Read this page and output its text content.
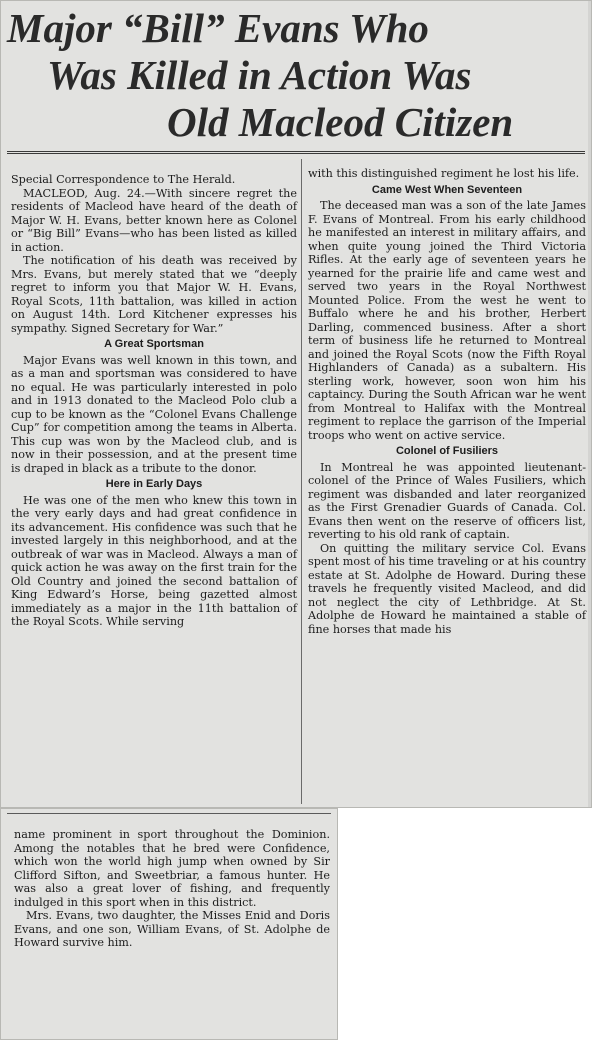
Major “Bill” Evans Who
Was Killed in Action Was
Old Macleod Citizen

Special Correspondence to The Herald.

MACLEOD, Aug. 24.—With sincere regret the residents of Macleod have heard of the death of Major W. H. Evans, better known here as Colonel or “Big Bill” Evans—who has been listed as killed in action.

The notification of his death was received by Mrs. Evans, but merely stated that we “deeply regret to inform you that Major W. H. Evans, Royal Scots, 11th battalion, was killed in action on August 14th. Lord Kitchener expresses his sympathy. Signed Secretary for War.”

A Great Sportsman

Major Evans was well known in this town, and as a man and sportsman was considered to have no equal. He was particularly interested in polo and in 1913 donated to the Macleod Polo club a cup to be known as the “Colonel Evans Challenge Cup” for competition among the teams in Alberta. This cup was won by the Macleod club, and is now in their possession, and at the present time is draped in black as a tribute to the donor.

Here in Early Days

He was one of the men who knew this town in the very early days and had great confidence in its advancement. His confidence was such that he invested largely in this neighborhood, and at the outbreak of war was in Macleod. Always a man of quick action he was away on the first train for the Old Country and joined the second battalion of King Edward’s Horse, being gazetted almost immediately as a major in the 11th battalion of the Royal Scots. While serving

with this distinguished regiment he lost his life.

Came West When Seventeen

The deceased man was a son of the late James F. Evans of Montreal. From his early childhood he manifested an interest in military affairs, and when quite young joined the Third Victoria Rifles. At the early age of seventeen years he yearned for the prairie life and came west and served two years in the Royal Northwest Mounted Police. From the west he went to Buffalo where he and his brother, Herbert Darling, commenced business. After a short term of business life he returned to Montreal and joined the Royal Scots (now the Fifth Royal Highlanders of Canada) as a subaltern. His sterling work, however, soon won him his captaincy. During the South African war he went from Montreal to Halifax with the Montreal regiment to replace the garrison of the Imperial troops who went on active service.

Colonel of Fusiliers

In Montreal he was appointed lieutenant-colonel of the Prince of Wales Fusiliers, which regiment was disbanded and later reorganized as the First Grenadier Guards of Canada. Col. Evans then went on the reserve of officers list, reverting to his old rank of captain.

On quitting the military service Col. Evans spent most of his time traveling or at his country estate at St. Adolphe de Howard. During these travels he frequently visited Macleod, and did not neglect the city of Lethbridge. At St. Adolphe de Howard he maintained a stable of fine horses that made his

name prominent in sport throughout the Dominion. Among the notables that he bred were Confidence, which won the world high jump when owned by Sir Clifford Sifton, and Sweetbriar, a famous hunter. He was also a great lover of fishing, and frequently indulged in this sport when in this district.

Mrs. Evans, two daughter, the Misses Enid and Doris Evans, and one son, William Evans, of St. Adolphe de Howard survive him.
